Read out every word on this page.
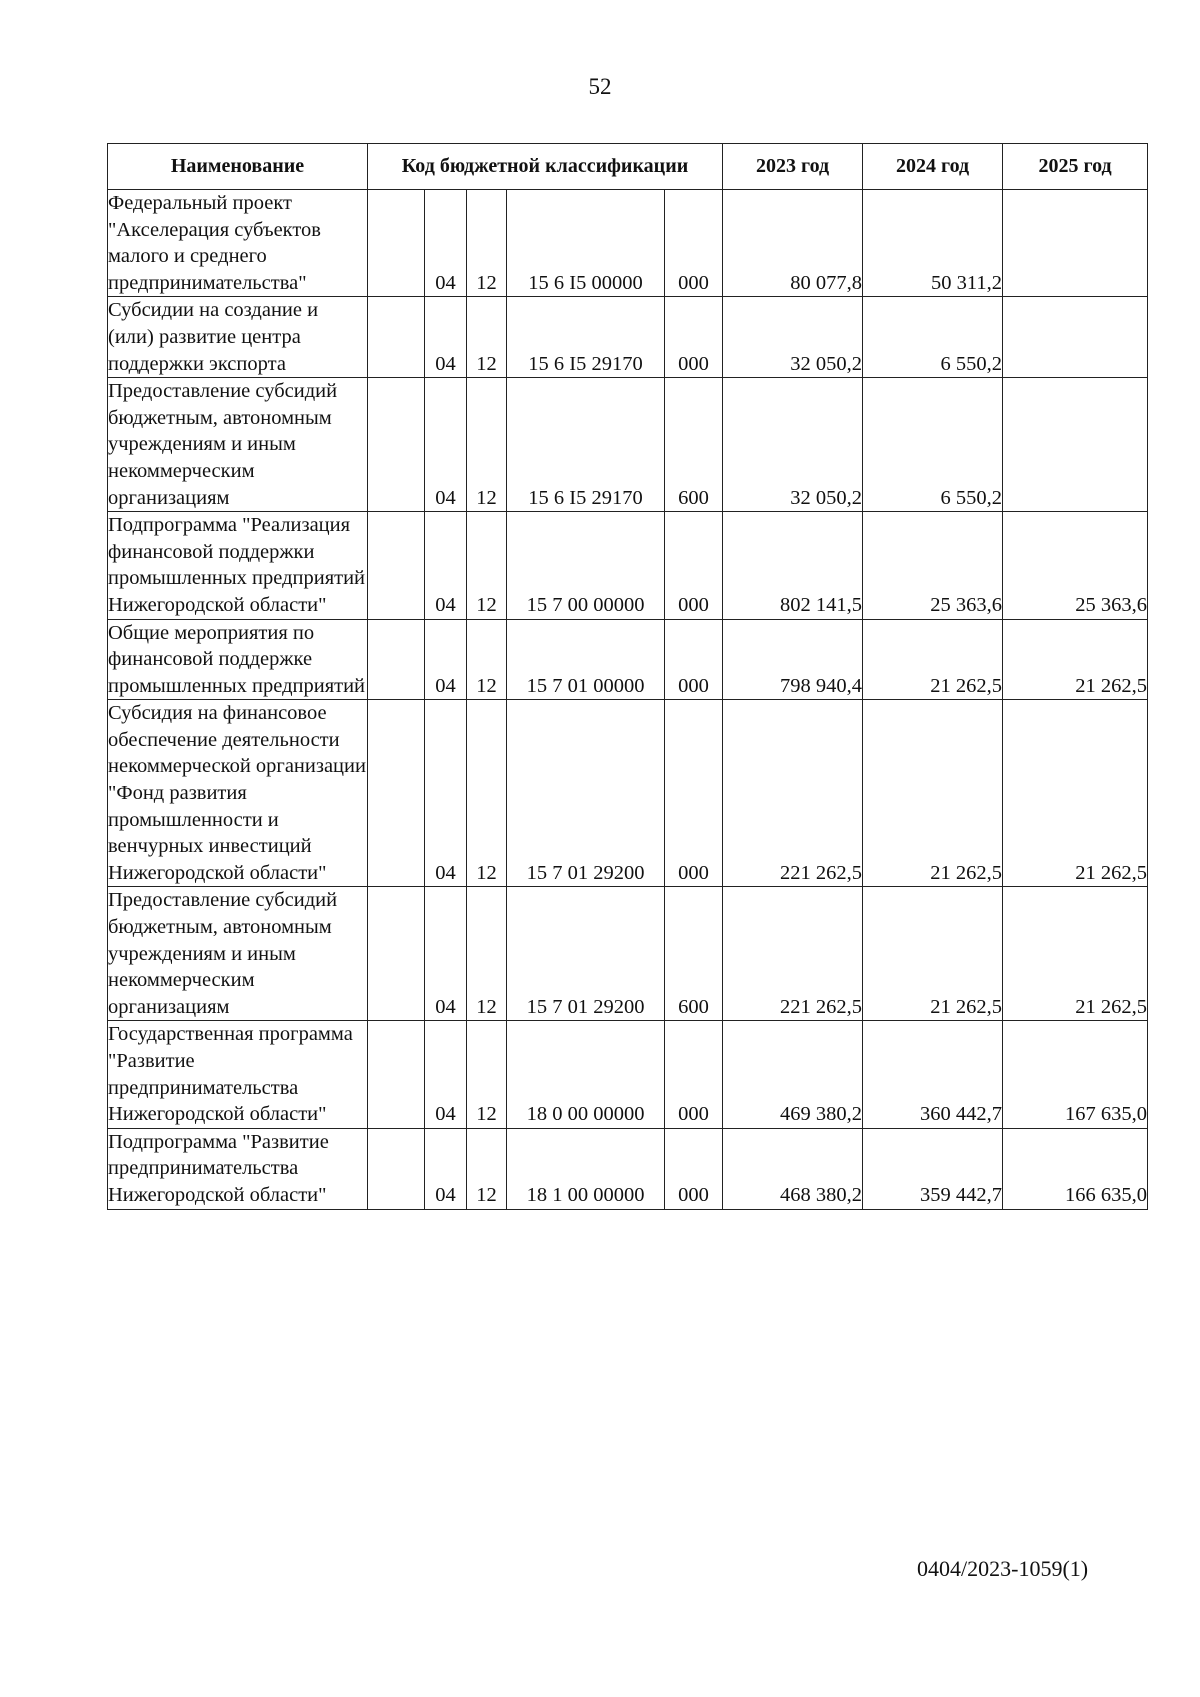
52
Наименование	Код бюджетной классификации					2023 год	2024 год	2025 год
Федеральный проект "Акселерация субъектов малого и среднего предпринимательства"		04	12	15 6 I5 00000	000	80 077,8	50 311,2	
Субсидии на создание и (или) развитие центра поддержки экспорта		04	12	15 6 I5 29170	000	32 050,2	6 550,2	
Предоставление субсидий бюджетным, автономным учреждениям и иным некоммерческим организациям		04	12	15 6 I5 29170	600	32 050,2	6 550,2	
Подпрограмма "Реализация финансовой поддержки промышленных предприятий Нижегородской области"		04	12	15 7 00 00000	000	802 141,5	25 363,6	25 363,6
Общие мероприятия по финансовой поддержке промышленных предприятий		04	12	15 7 01 00000	000	798 940,4	21 262,5	21 262,5
Субсидия на финансовое обеспечение деятельности некоммерческой организации "Фонд развития промышленности и венчурных инвестиций Нижегородской области"		04	12	15 7 01 29200	000	221 262,5	21 262,5	21 262,5
Предоставление субсидий бюджетным, автономным учреждениям и иным некоммерческим организациям		04	12	15 7 01 29200	600	221 262,5	21 262,5	21 262,5
Государственная программа "Развитие предпринимательства Нижегородской области"		04	12	18 0 00 00000	000	469 380,2	360 442,7	167 635,0
Подпрограмма "Развитие предпринимательства Нижегородской области"		04	12	18 1 00 00000	000	468 380,2	359 442,7	166 635,0
0404/2023-1059(1)
